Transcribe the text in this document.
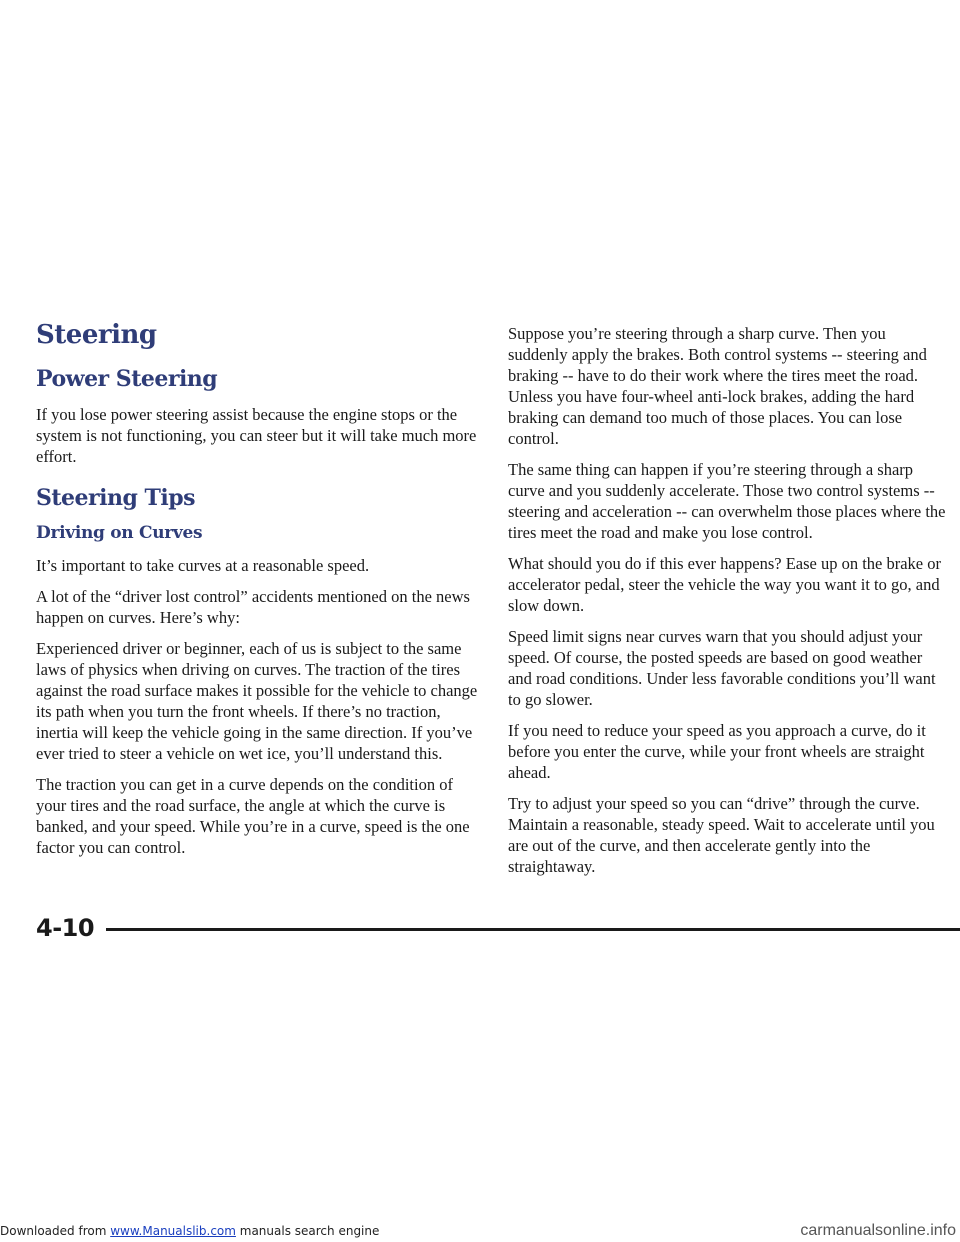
Steering
Power Steering

If you lose power steering assist because the engine stops or the system is not functioning, you can steer but it will take much more effort.

Steering Tips
Driving on Curves

It’s important to take curves at a reasonable speed.

A lot of the “driver lost control” accidents mentioned on the news happen on curves. Here’s why:

Experienced driver or beginner, each of us is subject to the same laws of physics when driving on curves. The traction of the tires against the road surface makes it possible for the vehicle to change its path when you turn the front wheels. If there’s no traction, inertia will keep the vehicle going in the same direction. If you’ve ever tried to steer a vehicle on wet ice, you’ll understand this.

The traction you can get in a curve depends on the condition of your tires and the road surface, the angle at which the curve is banked, and your speed. While you’re in a curve, speed is the one factor you can control.

Suppose you’re steering through a sharp curve. Then you suddenly apply the brakes. Both control systems -- steering and braking -- have to do their work where the tires meet the road. Unless you have four-wheel anti-lock brakes, adding the hard braking can demand too much of those places. You can lose control.

The same thing can happen if you’re steering through a sharp curve and you suddenly accelerate. Those two control systems -- steering and acceleration -- can overwhelm those places where the tires meet the road and make you lose control.

What should you do if this ever happens? Ease up on the brake or accelerator pedal, steer the vehicle the way you want it to go, and slow down.

Speed limit signs near curves warn that you should adjust your speed. Of course, the posted speeds are based on good weather and road conditions. Under less favorable conditions you’ll want to go slower.

If you need to reduce your speed as you approach a curve, do it before you enter the curve, while your front wheels are straight ahead.

Try to adjust your speed so you can “drive” through the curve. Maintain a reasonable, steady speed. Wait to accelerate until you are out of the curve, and then accelerate gently into the straightaway.

4-10
Downloaded from www.Manualslib.com manuals search engine	carmanualsonline.info
